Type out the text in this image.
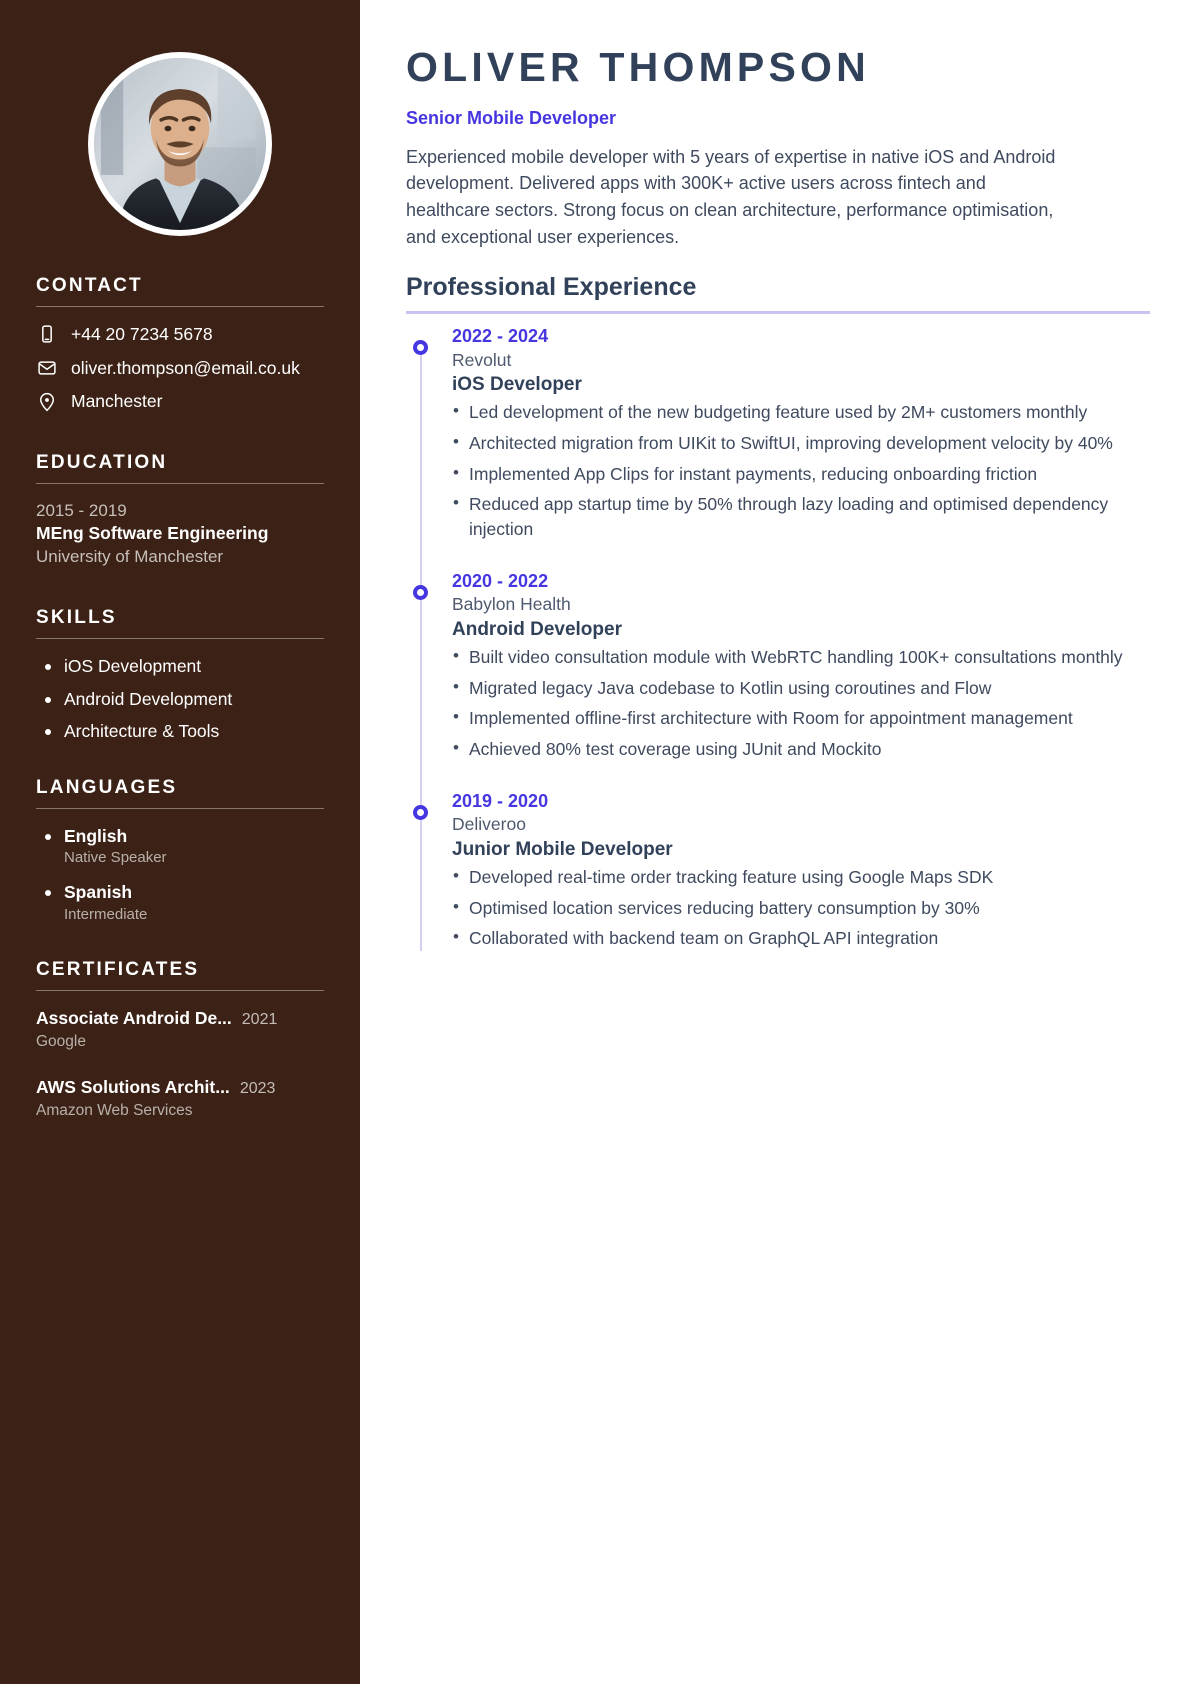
CONTACT
+44 20 7234 5678
oliver.thompson@email.co.uk
Manchester
EDUCATION
2015 - 2019
MEng Software Engineering
University of Manchester
SKILLS
iOS Development
Android Development
Architecture & Tools
LANGUAGES
English
Native Speaker
Spanish
Intermediate
CERTIFICATES
Associate Android De... 2021
Google
AWS Solutions Archit... 2023
Amazon Web Services
OLIVER THOMPSON
Senior Mobile Developer

Experienced mobile developer with 5 years of expertise in native iOS and Android development. Delivered apps with 300K+ active users across fintech and healthcare sectors. Strong focus on clean architecture, performance optimisation, and exceptional user experiences.

Professional Experience
2022 - 2024
Revolut
iOS Developer
• Led development of the new budgeting feature used by 2M+ customers monthly
• Architected migration from UIKit to SwiftUI, improving development velocity by 40%
• Implemented App Clips for instant payments, reducing onboarding friction
• Reduced app startup time by 50% through lazy loading and optimised dependency injection
2020 - 2022
Babylon Health
Android Developer
• Built video consultation module with WebRTC handling 100K+ consultations monthly
• Migrated legacy Java codebase to Kotlin using coroutines and Flow
• Implemented offline-first architecture with Room for appointment management
• Achieved 80% test coverage using JUnit and Mockito
2019 - 2020
Deliveroo
Junior Mobile Developer
• Developed real-time order tracking feature using Google Maps SDK
• Optimised location services reducing battery consumption by 30%
• Collaborated with backend team on GraphQL API integration
